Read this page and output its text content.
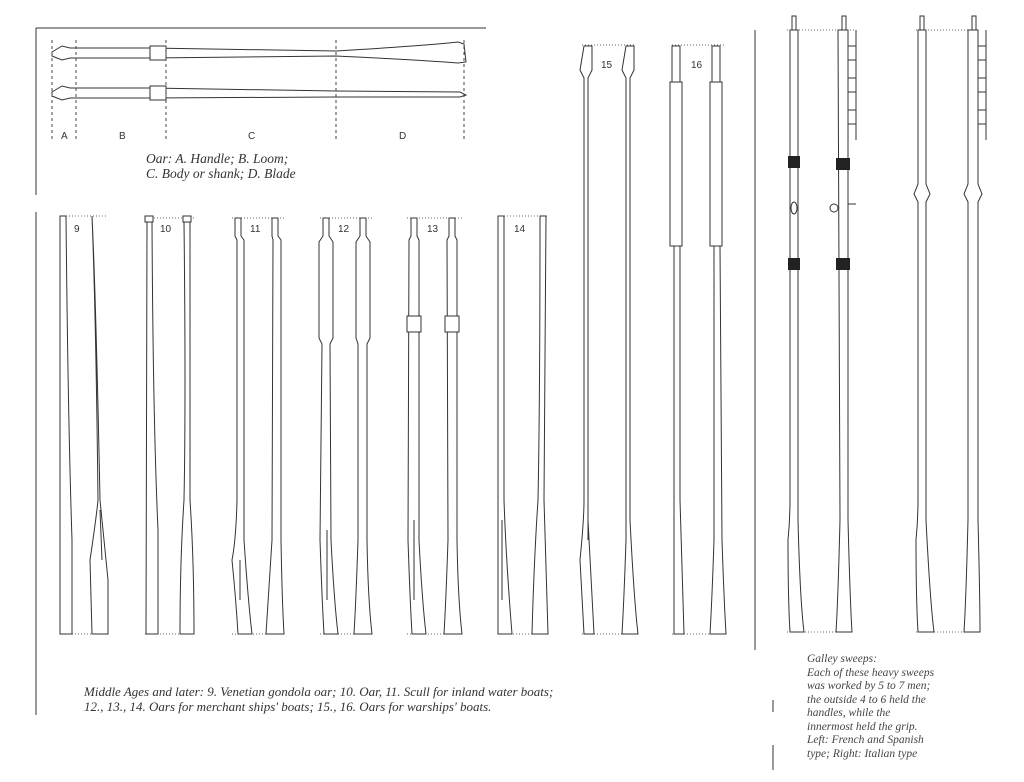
A	B	C	D
9	10	11	12	13	14
15	16
Oar: A. Handle; B. Loom;
C. Body or shank; D. Blade
Middle Ages and later: 9. Venetian gondola oar; 10. Oar, 11. Scull for inland water boats;
12., 13., 14. Oars for merchant ships' boats; 15., 16. Oars for warships' boats.
Galley sweeps:
Each of these heavy sweeps
was worked by 5 to 7 men;
the outside 4 to 6 held the
handles, while the
innermost held the grip.
Left: French and Spanish
type; Right: Italian type
